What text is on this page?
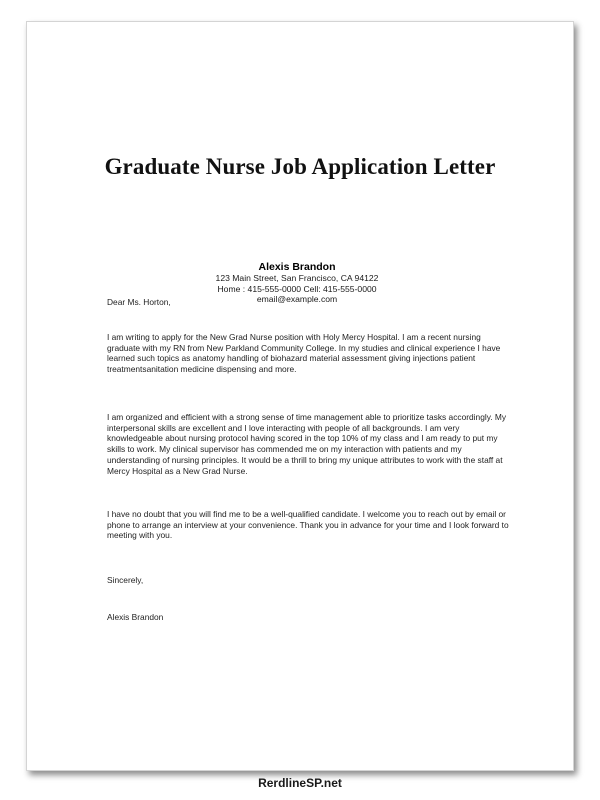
Graduate Nurse Job Application Letter
Alexis Brandon
123 Main Street, San Francisco, CA 94122
Home : 415-555-0000 Cell: 415-555-0000
email@example.com

Dear Ms. Horton,

I am writing to apply for the New Grad Nurse position with Holy Mercy Hospital. I am a recent nursing graduate with my RN from New Parkland Community College. In my studies and clinical experience I have learned such topics as anatomy handling of biohazard material assessment giving injections patient treatmentsanitation medicine dispensing and more.

I am organized and efficient with a strong sense of time management able to prioritize tasks accordingly. My interpersonal skills are excellent and I love interacting with people of all backgrounds. I am very knowledgeable about nursing protocol having scored in the top 10% of my class and I am ready to put my skills to work. My clinical supervisor has commended me on my interaction with patients and my understanding of nursing principles. It would be a thrill to bring my unique attributes to work with the staff at Mercy Hospital as a New Grad Nurse.

I have no doubt that you will find me to be a well-qualified candidate. I welcome you to reach out by email or phone to arrange an interview at your convenience. Thank you in advance for your time and I look forward to meeting with you.

Sincerely,

Alexis Brandon

RerdlineSP.net
